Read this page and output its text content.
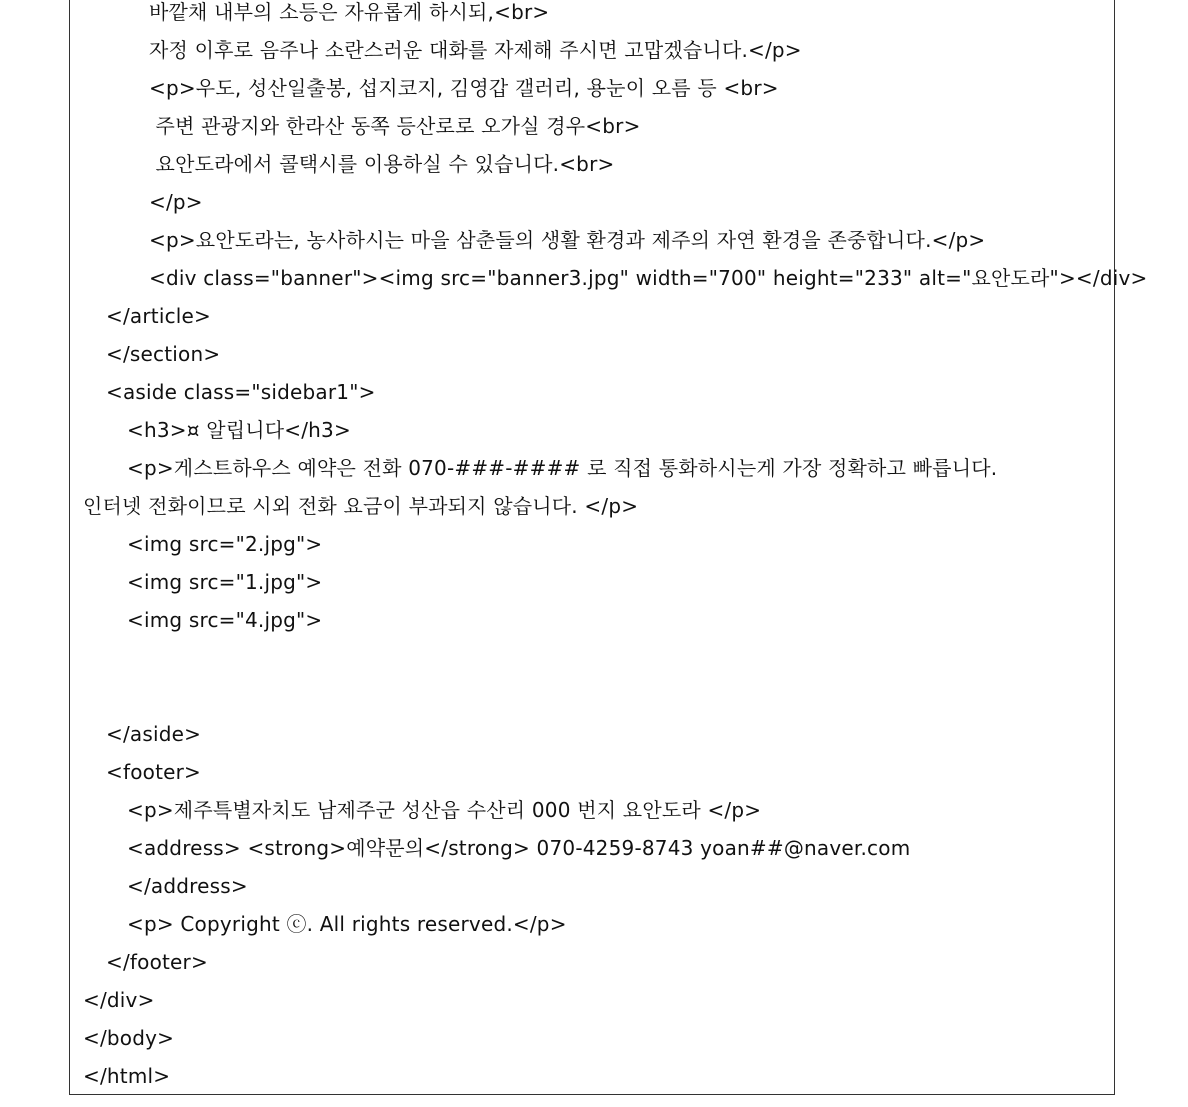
바깥채 내부의 소등은 자유롭게 하시되,<br>
자정 이후로 음주나 소란스러운 대화를 자제해 주시면 고맙겠습니다.</p>
<p>우도, 성산일출봉, 섭지코지, 김영갑 갤러리, 용눈이 오름 등 <br>
주변 관광지와 한라산 동쪽 등산로로 오가실 경우<br>
요안도라에서 콜택시를 이용하실 수 있습니다.<br>
</p>
<p>요안도라는, 농사하시는 마을 삼춘들의 생활 환경과 제주의 자연 환경을 존중합니다.</p>
<div class="banner"><img src="banner3.jpg" width="700" height="233" alt="요안도라"></div>
</article>
</section>
<aside class="sidebar1">
<h3>¤ 알립니다</h3>
<p>게스트하우스 예약은 전화 070-###-#### 로 직접 통화하시는게 가장 정확하고 빠릅니다.
인터넷 전화이므로 시외 전화 요금이 부과되지 않습니다. </p>
<img src="2.jpg">
<img src="1.jpg">
<img src="4.jpg">
</aside>
<footer>
<p>제주특별자치도 남제주군 성산읍 수산리 000 번지 요안도라 </p>
<address> <strong>예약문의</strong> 070-4259-8743 yoan##@naver.com
</address>
<p> Copyright ⓒ. All rights reserved.</p>
</footer>
</div>
</body>
</html>
